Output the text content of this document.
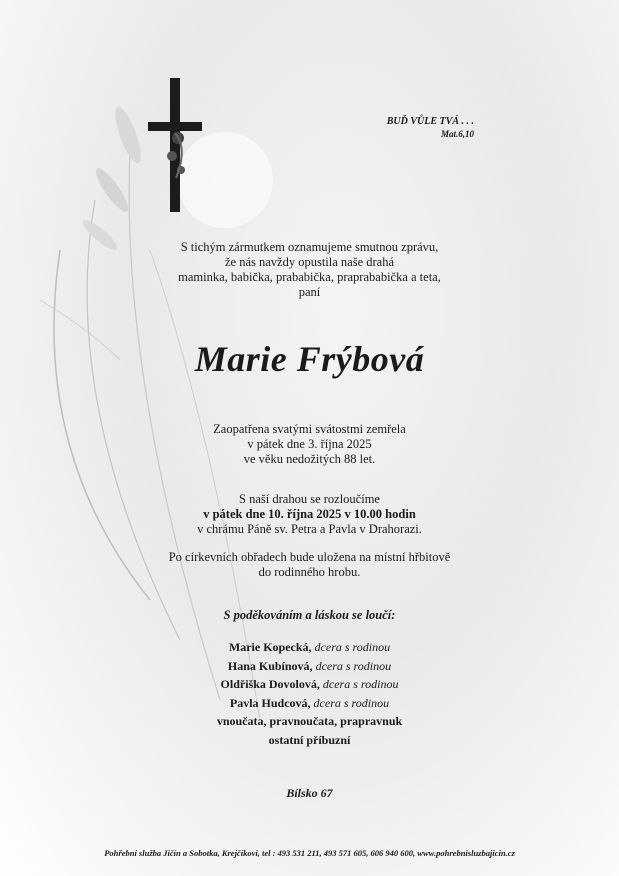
BUĎ VŮLE TVÁ . . .
Mat.6,10
S tichým zármutkem oznamujeme smutnou zprávu,
že nás navždy opustila naše drahá
maminka, babička, prababička, praprababička a teta,
paní
Marie Frýbová
Zaopatřena svatými svátostmi zemřela
v pátek dne 3. října 2025
ve věku nedožitých 88 let.
S naší drahou se rozloučíme
v pátek dne 10. října 2025 v 10.00 hodin
v chrámu Páně sv. Petra a Pavla v Drahorazi.
Po církevních obřadech bude uložena na místní hřbitově
do rodinného hrobu.
S poděkováním a láskou se loučí:
Marie Kopecká, dcera s rodinou
Hana Kubínová, dcera s rodinou
Oldřiška Dovolová, dcera s rodinou
Pavla Hudcová, dcera s rodinou
vnoučata, pravnoučata, prapravnuk
ostatní příbuzní
Bílsko 67
Pohřební služba Jičín a Sobotka, Krejčíkovi, tel : 493 531 211, 493 571 605, 606 940 600, www.pohrebnisluzbajicin.cz
